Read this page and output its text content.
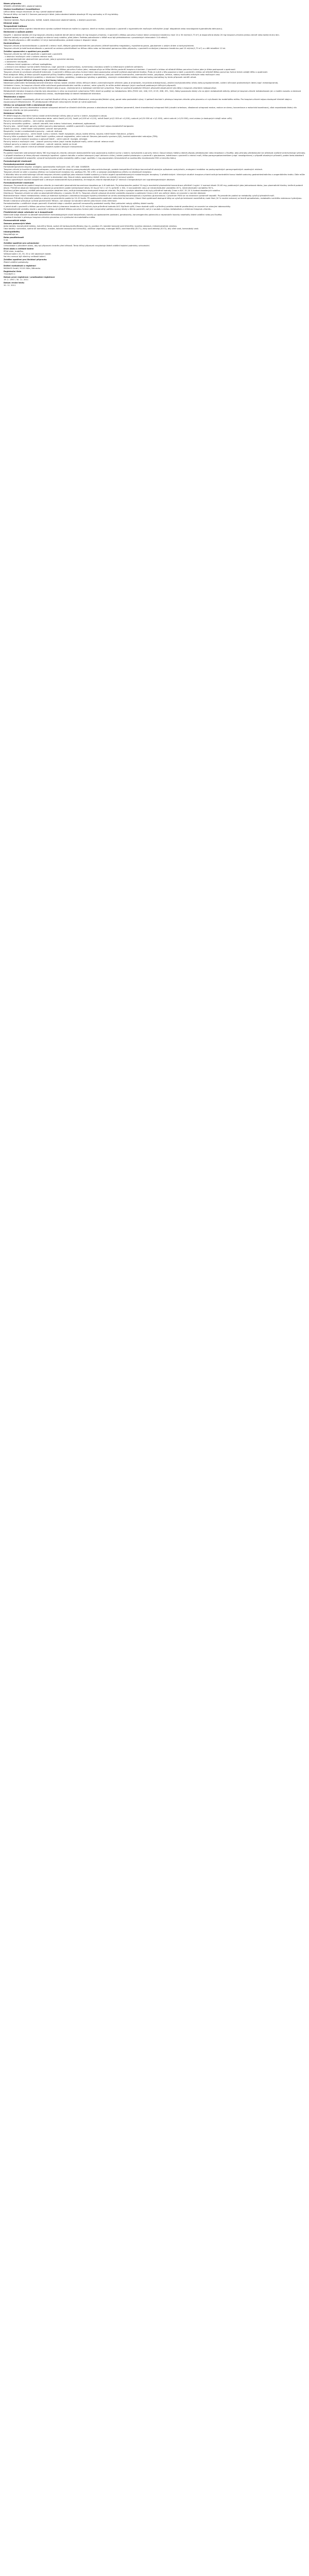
Název přípravku
SPASMO-URGENIN NEO, obalené tablety
Složení kvalitativní i kvantitativní
Léčivá látka: trospii chloridum 20 mg v jedné obalené tabletě.
Pomocné látky: viz bod 6.1 Seznam pomocných látek. Jedna obalená tableta obsahuje 95 mg sacharózy a 45 mg laktózy.
Léková forma
Obalená tableta. Popis přípravku: hnědé, kulaté, bikonvexní obalené tablety, s lesklým povrchem.
Klinické údaje
Terapeutické indikace
Symptomatická léčba urgentní inkontinence a/nebo zvýšené frekvence močení a urgence, které se mohou vyskytovat u pacientů s hyperaktivním močovým měchýřem (např. idiopatická nebo neurologická hyperaktivita detruzoru).
Dávkování a způsob podání
Dospělí: 1 obalená tableta (20 mg trospium-chloridu) dvakrát denně (denní dávka 40 mg trospium-chloridu). U pacientů s těžkou poruchou funkce ledvin (clearance kreatininu mezi 10 a 30 ml/min/1,73 m²) je doporučená dávka 20 mg trospium-chloridu jednou denně nebo každý druhý den.
Obalené tablety se polykají celé a zapíjejí se sklenicí vody nalačno, před jídlem. Potřeba pokračování v léčbě musí být přehodnocena v pravidelných intervalech 3–6 měsíců.
Děti: Použití přípravku u dětí mladších 12 let je kontraindikováno, protože nejsou k dispozici údaje.
Kontraindikace
Trospium-chlorid je kontraindikován u pacientů s retencí moči, těžkými gastrointestinálními poruchami (včetně toxického megakolon), myasthenia gravis, glaukomem s úzkým úhlem a tachyarytmiemi.
Trospium-chlorid je také kontraindikován u pacientů se známou přecitlivělostí na léčivou látku nebo na kteroukoli pomocnou látku přípravku, u pacientů na dialýze (clearance kreatininu pod 10 ml/min/1,73 m²) a u dětí mladších 12 let.
Zvláštní upozornění a opatření pro použití
Trospium-chlorid by měl být používán s opatrností u pacientů:
- s obstrukcí močových cest s rizikem retence moči,
- s gastrointestinálními obstrukčními poruchami, jako je pylorická stenóza,
- s autonomní neuropatií,
- s hiátovou hernií spojenou s refluxní ezofagitidou,
- u kterých není žádoucí rychlá srdeční frekvence, např. pacienti s hypertyreózou, ischemickou chorobou srdeční a městnavým srdečním selháním.
Vzhledem k tomu, že nejsou k dispozici údaje u pacientů s těžkou poruchou funkce jater, nedoporučuje se léčba těchto pacientů trospium-chloridem. U pacientů s lehkou až středně těžkou poruchou funkce jater je třeba postupovat s opatrností.
Trospium-chlorid je vylučován převážně ledvinami. U pacientů s těžkou poruchou funkce ledvin byla pozorována výrazně zvýšená plazmatická hladina. Proto je nutné u této populace a také u pacientů s lehkou až středně těžkou poruchou funkce ledvin zahájit léčbu s opatrností.
Před zahájením léčby je třeba vyloučit organické příčiny častého močení, urgence a urgentní inkontinence, jako jsou srdeční onemocnění, onemocnění ledvin, polydipsie, infekce, nádory močového měchýře nebo močových cest.
Pacienti se vzácnými dědičnými problémy s intolerancí fruktózy, galaktózy, malabsorpcí glukózy a galaktózy, vrozeným nedostatkem laktázy nebo sacharázy-izomaltázy by tento přípravek neměli užívat.
Interakce s jinými léčivými přípravky a jiné formy interakce
Následující potenciální farmakodynamické interakce mohou nastat: zesílení účinku léčivých látek s anticholinergním účinkem (jako je amantadin, tricyklická antidepresiva), zesílení tachykardického účinku beta-sympatomimetik, snížení účinnosti prokinetických látek (např. metoklopramid).
Vzhledem k tomu, že trospium-chlorid může ovlivňovat gastrointestinální motilitu a sekreci, nelze vyloučit, že může změnit absorpci jiných současně podávaných léčivých přípravků.
Inhibice absorpce trospium-chloridu léčivými látkami jako je guar, cholestyramin a kolestipol nemůže být vyloučena. Proto se současné podávání léčivých přípravků obsahujících tyto látky s trospium-chloridem nedoporučuje.
Metabolické interakce trospium-chloridu byly zkoumány in vitro na enzymech cytochromu P450, které se podílejí na metabolismu léčiv (P450 1A2, 2A6, 2C9, 2C19, 2D6, 2E1, 3A4). Nebyl pozorován žádný vliv na jejich metabolické aktivity. Jelikož je trospium-chlorid metabolizován jen v malém rozsahu a esterová hydrolýza je jedinou relevantní metabolickou cestou, nepředpokládají se žádné metabolické interakce.
Těhotenství a kojení
Studie na zvířatech neprokázaly přímé ani nepřímé škodlivé účinky na průběh těhotenství, embryonální/fetální vývoj, porod nebo postnatální vývoj. U potkanů dochází k přestupu trospium-chloridu přes placentu a k vylučování do mateřského mléka. Pro trospium-chlorid nejsou dostupné klinické údaje o exponovaných těhotenstvích. Při předepisování těhotným nebo kojícím ženám je nutná opatrnost.
Účinky na schopnost řídit a obsluhovat stroje
V zásadě mohou poruchy akomodace snižovat schopnost aktivně se účastnit silničního provozu a obsluhovat stroje. Vyšetření parametrů, které charakterizují schopnost řídit (vizuální orientace, všeobecná schopnost reakce, reakce ve stresu, koncentrace a motorická koordinace), však neprokázala žádný vliv trospium-chloridu na tyto parametry.
Nežádoucí účinky
Při léčbě trospium-chloridem mohou nastat anticholinergní účinky jako je sucho v ústech, dyspepsie a zácpa.
Frekvence nežádoucích účinků je definována takto: velmi časté (≥1/10), časté (≥1/100 až <1/10), méně časté (≥1/1 000 až <1/100), vzácné (≥1/10 000 až <1/1 000), velmi vzácné (<1/10 000), není známo (z dostupných údajů nelze určit).
Poruchy imunitního systému – není známo: anafylaxe.
Poruchy nervového systému – vzácné: závratě; není známo: halucinace, zmatenost, agitovanost.
Poruchy oka – méně časté: poruchy vidění (poruchy akomodace), zvláště u pacientů s hypermetropií, kteří nejsou dostatečně korigováni.
Srdeční poruchy – méně časté: tachykardie; vzácné: tachyarytmie.
Respirační, hrudní a mediastinální poruchy – vzácné: dušnost.
Gastrointestinální poruchy – velmi časté: sucho v ústech; časté: dyspepsie, zácpa, bolest břicha, nauzea; méně časté: flatulence, průjem.
Poruchy kůže a podkožní tkáně – méně časté: vyrážka; vzácné: angioedém; velmi vzácné: Stevens-Johnsonův syndrom (SJS), toxická epidermální nekrolýza (TEN).
Poruchy svalové a kosterní soustavy a pojivové tkáně – velmi vzácné: myalgie, artralgie.
Poruchy ledvin a močových cest – vzácné: poruchy mikce (např. tvorba zbytkové moči); velmi vzácné: retence moči.
Celkové poruchy a reakce v místě aplikace – vzácné: astenie, bolest na hrudi.
Vyšetření – velmi vzácné: mírné až středně závažné zvýšení sérových transamináz.
Předávkování
Po podání maximální jednorázové dávky 360 mg trospium-chloridu zdravým dobrovolníkům bylo pozorováno zvýšení sucha v ústech, tachykardie a poruchy mikce. Dosud nebyly hlášeny žádné případy předávkování nebo intoxikace u člověka. Jako příznaky předávkování lze očekávat zvýšené anticholinergní příznaky.
V případě intoxikace je třeba přijmout následující opatření: výplach žaludku a snížení absorpce (např. aktivním uhlím), lokální podání pilokarpinu u pacientů s glaukomem, katetrizace u pacientů s retencí moči, léčba parasympatomimetikem (např. neostigminem) v případě závažných příznaků, podání beta-blokátorů v případě nedostatečné odpovědi, výrazné tachykardie a/nebo nestability oběhu (např. zpočátku 1 mg propranololu intravenózně za současného monitorování EKG a krevního tlaku).
Farmakologické vlastnosti
Farmakodynamické vlastnosti
Farmakoterapeutická skupina: urologika, spasmolytika močových cest. ATC kód: G04BD09.
Trospium-chlorid je kvartérní derivát nortropanu, a proto patří do skupiny parasympatolytik nebo anticholinergik, protože kompetitivně inhibuje koncentračně závislým způsobem acetylcholin, endogenní mediátor na postsynaptických parasympatických vazebných místech.
Trospium-chlorid se váže s vysokou afinitou na muskarinové receptory tzv. podtypy M1, M2 a M3, a vykazuje zanedbatelnou afinitu na nikotinové receptory.
V důsledku toho se anticholinergní účinek trospium-chloridu uplatňuje jako relaxace hladké svaloviny a funkcí orgánů zprostředkovaných muskarinovými receptory. V předklinických i klinických studiích trospium-chlorid snižuje kontraktilní tonus hladké svaloviny gastrointestinálního a urogenitálního traktu. Dále může inhibovat bronchiální sekreci, sekreci slin, pocení a akomodaci oka. Dosud nebyly pozorovány žádné účinky na centrální nervový systém.
Ve dvou specifických studiích bezpečnosti u zdravých dobrovolníků bylo prokázáno, že trospium-chlorid neprodlužuje QT interval v terapeutických ani supraterapeutických dávkách.
Farmakokinetické vlastnosti
Absorpce: Po perorálním podání trospium-chloridu je maximální plazmatická koncentrace dosažena po 4–6 hodinách. Po jednorázovém podání 20 mg je maximální plazmatická koncentrace přibližně 4 ng/ml. V rozmezí dávek 20–60 mg, podávaných jako jednorázová dávka, jsou plazmatické hladiny úměrné podané dávce. Průměrná absolutní biologická dostupnost po perorálním podání jednorázové dávky 20 mg je 9,6 ± 4,5 % (průměr ± SD). V rovnovážném stavu je intraindividuální variabilita 16 %, interindividuální variabilita 36 %.
Současný příjem potravy, zvláště potravy s vysokým obsahem tuku, snižuje biologickou dostupnost trospium-chloridu. Po jídle s vysokým obsahem tuku byly průměrné hodnoty Cmax a AUC 15–20 % hodnot dosažených nalačno.
Distribuce: Trospium-chlorid se váže na plazmatické bílkoviny v rozsahu 50–80 %. Trospium-chlorid vykazuje diurnální variabilitu expozice s poklesem Cmax a AUC pro večerní dávky ve srovnání s ranními dávkami.
Biotransformace: Hlavní metabolickou cestou je esterová hydrolýza s následnou konjugací kyseliny benzilové za vzniku azoniaspironortropanolu s kyselinou glukuronovou. Cytochrom P450 se na clearance významně nepodílí. Po perorálním podání se metabolity vylučují převážně močí.
Eliminace: Průměrný eliminační poločas z plazmy po perorálním podání je 10–20 hodin. Při opakovaném podávání nedochází ke kumulaci. Hlavní část systémově dostupné látky se vylučuje ledvinami nezměněná, malá část (10 % renální exkrece) ve formě spiroalkoholu, metabolitu vzniklého esterovou hydrolýzou. Renální clearance převyšuje rychlost glomerulární filtrace, což ukazuje na tubulární sekreci jako hlavní cestu eliminace.
Farmakokinetika u zvláštních skupin pacientů: Kinetické údaje u starších pacientů nenaznačily podstatné rozdíly. Mezi pohlavími nebyly zjištěny žádné rozdíly.
V jedné studii u pacientů s těžkou poruchou funkce ledvin (clearance kreatininu 8–32 ml/min) byla průměrná hodnota AUC čtyřikrát vyšší, Cmax dvakrát vyšší a průměrný poločas dvakrát prodloužený ve srovnání se zdravými dobrovolníky.
Farmakokinetické výsledky studie u pacientů s lehkou až středně těžkou poruchou funkce jater nenaznačují potřebu úpravy dávky u těchto pacientů, což je v souladu s úlohou metabolismu v eliminaci trospium-chloridu.
Předklinické údaje vztahující se k bezpečnosti
Neklinické údaje získané na základě konvenčních farmakologických studií bezpečnosti, toxicity po opakovaném podávání, genotoxicity, kancerogenního potenciálu a reprodukční toxicity neodhalily žádné zvláštní riziko pro člověka.
U potkanů dochází k přestupu trospium-chloridu placentou a k vylučování do mateřského mléka.
Farmaceutické údaje
Seznam pomocných látek
Jádro tablety: monohydrát laktózy, kukuřičný škrob, sodná sůl karboxymethylškrobu (typ A), povidon 25, koloidní bezvodý oxid křemičitý, kyselina stearová, mikrokrystalická celulóza.
Obal tablety: sacharóza, sodná sůl karmelózy, mastek, koloidní bezvodý oxid křemičitý, uhličitan vápenatý, makrogol 8000, oxid titaničitý (E171), žlutý oxid železitý (E172), bílý včelí vosk, karnaubský vosk.
Inkompatibility
Neuplatňuje se.
Doba použitelnosti
5 let.
Zvláštní opatření pro uchovávání
Uchovávejte v původním obalu, aby byl přípravek chráněn před vlhkostí. Tento léčivý přípravek nevyžaduje žádné zvláštní teplotní podmínky uchovávání.
Druh obalu a velikost balení
PP/Al blistr, krabička.
Velikost balení: 20, 30, 50 a 100 obalených tablet.
Na trhu nemusí být všechny velikosti balení.
Zvláštní opatření pro likvidaci přípravku
Žádné zvláštní požadavky.
Držitel rozhodnutí o registraci
MADAUS GmbH, 51101 Köln, Německo
Registrační číslo
73/106/97-C
Datum první registrace / prodloužení registrace
19. 2. 1997 / 30. 11. 2011
Datum revize textu
30. 11. 2011
